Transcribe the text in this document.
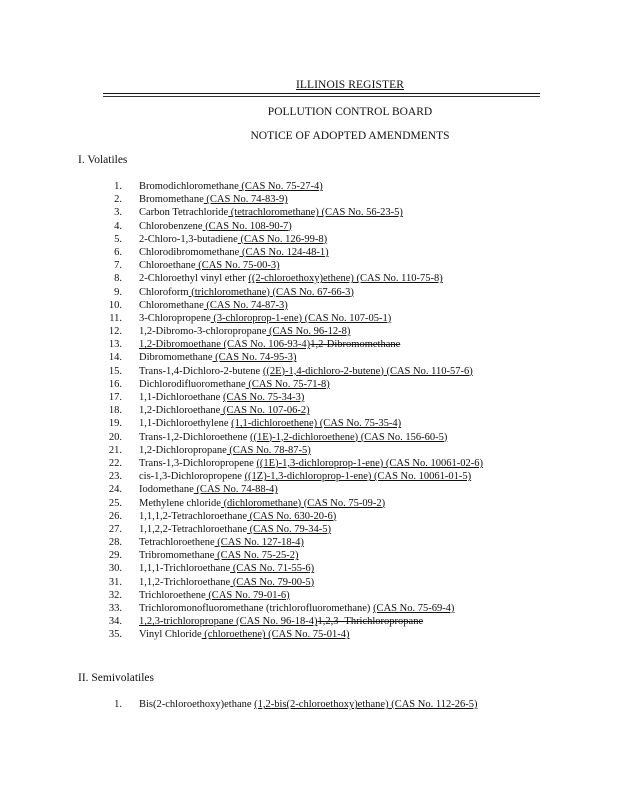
ILLINOIS REGISTER
POLLUTION CONTROL BOARD
NOTICE OF ADOPTED AMENDMENTS
I. Volatiles
1. Bromodichloromethane (CAS No. 75-27-4)
2. Bromomethane (CAS No. 74-83-9)
3. Carbon Tetrachloride (tetrachloromethane) (CAS No. 56-23-5)
4. Chlorobenzene (CAS No. 108-90-7)
5. 2-Chloro-1,3-butadiene (CAS No. 126-99-8)
6. Chlorodibromomethane (CAS No. 124-48-1)
7. Chloroethane (CAS No. 75-00-3)
8. 2-Chloroethyl vinyl ether ((2-chloroethoxy)ethene) (CAS No. 110-75-8)
9. Chloroform (trichloromethane) (CAS No. 67-66-3)
10. Chloromethane (CAS No. 74-87-3)
11. 3-Chloropropene (3-chloroprop-1-ene) (CAS No. 107-05-1)
12. 1,2-Dibromo-3-chloropropane (CAS No. 96-12-8)
13. 1,2-Dibromoethane (CAS No. 106-93-4)1,2-Dibromomethane
14. Dibromomethane (CAS No. 74-95-3)
15. Trans-1,4-Dichloro-2-butene ((2E)-1,4-dichloro-2-butene) (CAS No. 110-57-6)
16. Dichlorodifluoromethane (CAS No. 75-71-8)
17. 1,1-Dichloroethane (CAS No. 75-34-3)
18. 1,2-Dichloroethane (CAS No. 107-06-2)
19. 1,1-Dichloroethylene (1,1-dichloroethene) (CAS No. 75-35-4)
20. Trans-1,2-Dichloroethene ((1E)-1,2-dichloroethene) (CAS No. 156-60-5)
21. 1,2-Dichloropropane (CAS No. 78-87-5)
22. Trans-1,3-Dichloropropene ((1E)-1,3-dichloroprop-1-ene) (CAS No. 10061-02-6)
23. cis-1,3-Dichloropropene ((1Z)-1,3-dichloroprop-1-ene) (CAS No. 10061-01-5)
24. Iodomethane (CAS No. 74-88-4)
25. Methylene chloride (dichloromethane) (CAS No. 75-09-2)
26. 1,1,1,2-Tetrachloroethane (CAS No. 630-20-6)
27. 1,1,2,2-Tetrachloroethane (CAS No. 79-34-5)
28. Tetrachloroethene (CAS No. 127-18-4)
29. Tribromomethane (CAS No. 75-25-2)
30. 1,1,1-Trichloroethane (CAS No. 71-55-6)
31. 1,1,2-Trichloroethane (CAS No. 79-00-5)
32. Trichloroethene (CAS No. 79-01-6)
33. Trichloromonofluoromethane (trichlorofluoromethane) (CAS No. 75-69-4)
34. 1,2,3-trichloropropane (CAS No. 96-18-4)1,2,3- Thrichloropropane
35. Vinyl Chloride (chloroethene) (CAS No. 75-01-4)
II. Semivolatiles
1. Bis(2-chloroethoxy)ethane (1,2-bis(2-chloroethoxy)ethane) (CAS No. 112-26-5)
